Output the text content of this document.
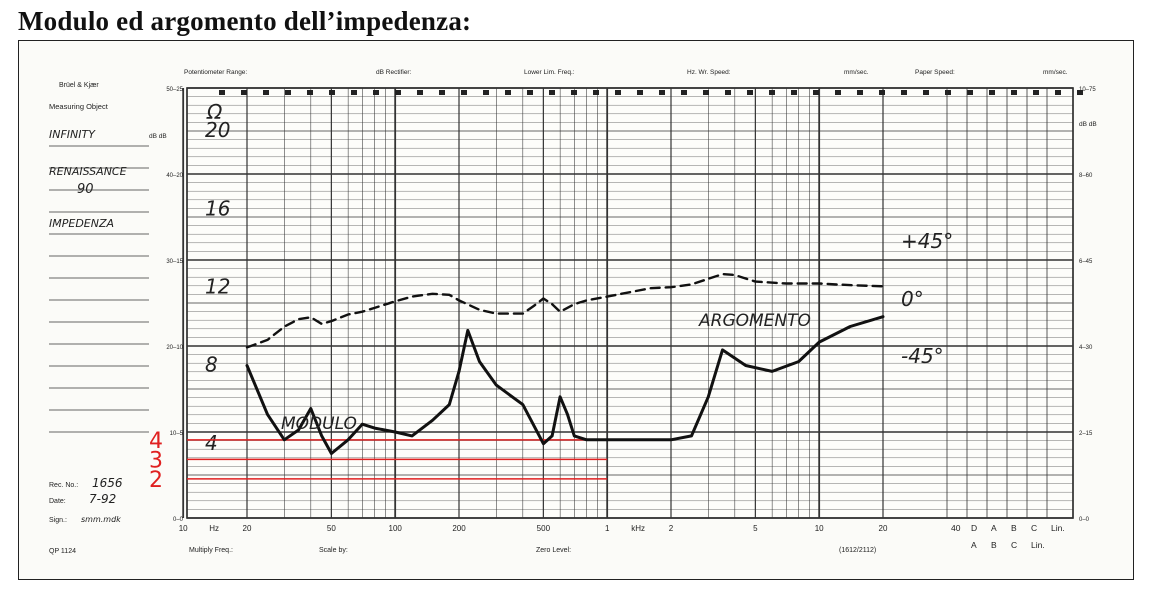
Modulo ed argomento dell’impedenza:
Brüel & Kjær
Measuring Object
INFINITY
RENAISSANCE
90
IMPEDENZA
Potentiometer Range:	dB Rectifier:	Lower Lim. Freq.:	Hz. Wr. Speed:	mm/sec.	Paper Speed:	mm/sec.
Rec. No.: 1656
Date: 7-92
Sign.: smm.mdk
QP 1124	Multiply Freq.:	Scale by:	Zero Level:	(1612/2112)
40 D A B C Lin.
A B C Lin.
10	20	50	100	200	500	1	2	5	10	20
Hz	kHz
50–25
40–20
30–15
20–10
10–5
0–0
10–75
8–60
6–45
4–30
2–15
0–0
dB dB
dB dB
20
16
12
8
4
Ω
4
3
2
MODULO
ARGOMENTO
+45°
0°
-45°
